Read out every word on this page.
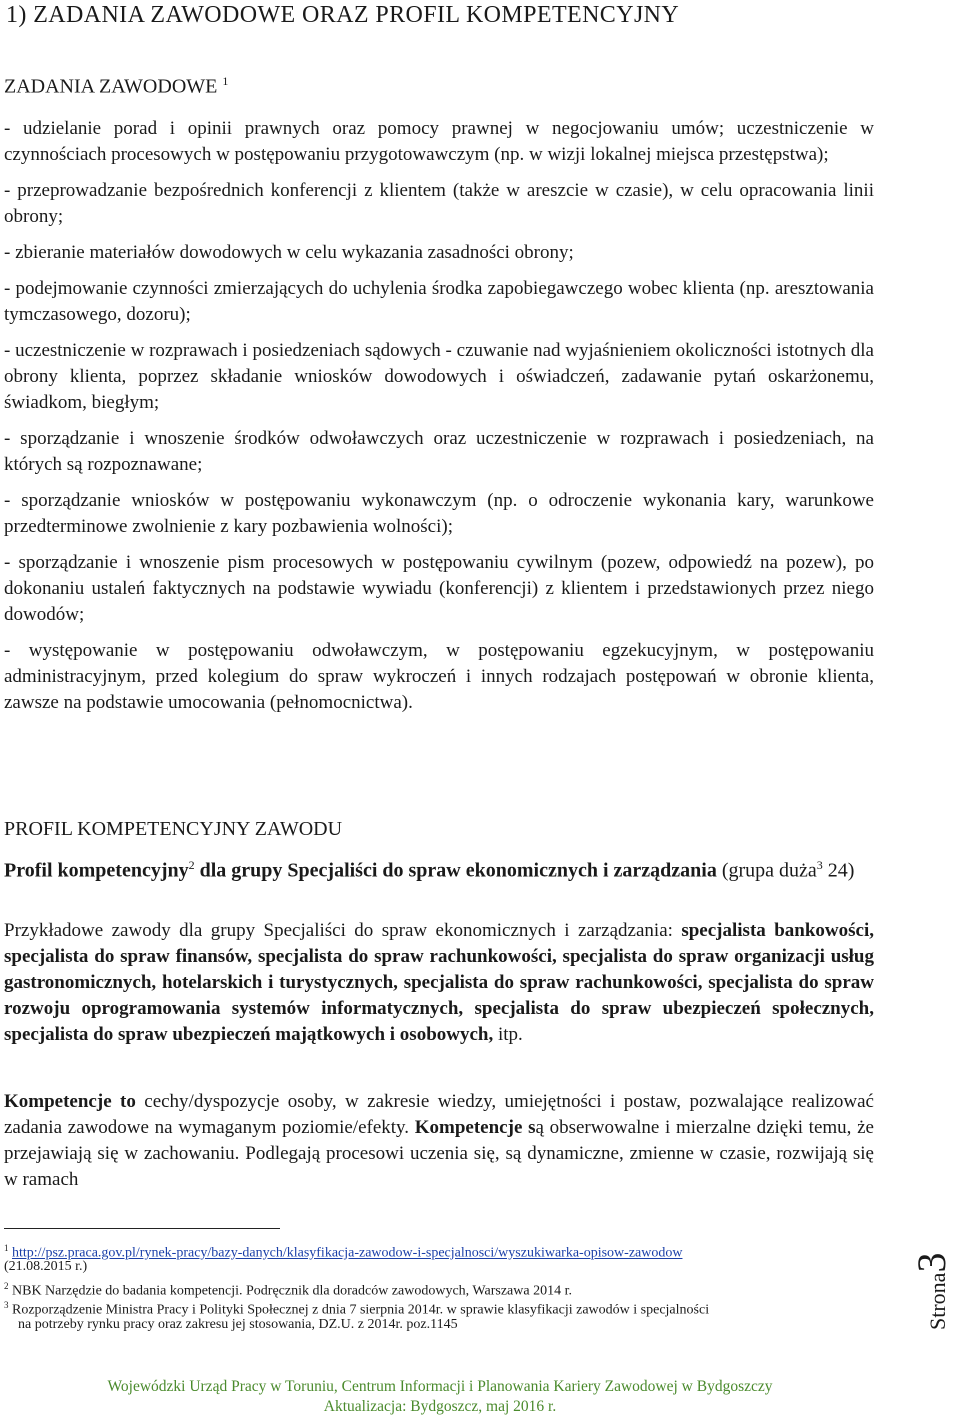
1) ZADANIA ZAWODOWE ORAZ PROFIL KOMPETENCYJNY
ZADANIA ZAWODOWE $^1$

- udzielanie porad i opinii prawnych oraz pomocy prawnej w negocjowaniu umów; uczestniczenie w czynnościach procesowych w postępowaniu przygotowawczym (np. w wizji lokalnej miejsca przestępstwa);

- przeprowadzanie bezpośrednich konferencji z klientem (także w areszcie w czasie), w celu opracowania linii obrony;

- zbieranie materiałów dowodowych w celu wykazania zasadności obrony;

- podejmowanie czynności zmierzających do uchylenia środka zapobiegawczego wobec klienta (np. aresztowania tymczasowego, dozoru);

- uczestniczenie w rozprawach i posiedzeniach sądowych - czuwanie nad wyjaśnieniem okoliczności istotnych dla obrony klienta, poprzez składanie wniosków dowodowych i oświadczeń, zadawanie pytań oskarżonemu, świadkom, biegłym;

- sporządzanie i wnoszenie środków odwoławczych oraz uczestniczenie w rozprawach i posiedzeniach, na których są rozpoznawane;

- sporządzanie wniosków w postępowaniu wykonawczym (np. o odroczenie wykonania kary, warunkowe przedterminowe zwolnienie z kary pozbawienia wolności);

- sporządzanie i wnoszenie pism procesowych w postępowaniu cywilnym (pozew, odpowiedź na pozew), po dokonaniu ustaleń faktycznych na podstawie wywiadu (konferencji) z klientem i przedstawionych przez niego dowodów;

- występowanie w postępowaniu odwoławczym, w postępowaniu egzekucyjnym, w postępowaniu administracyjnym, przed kolegium do spraw wykroczeń i innych rodzajach postępowań w obronie klienta, zawsze na podstawie umocowania (pełnomocnictwa).

PROFIL KOMPETENCYJNY ZAWODU
Profil kompetencyjny$^2$ dla grupy Specjaliści do spraw ekonomicznych i zarządzania (grupa duża$^3$ 24)
Przykładowe zawody dla grupy Specjaliści do spraw ekonomicznych i zarządzania: specjalista bankowości, specjalista do spraw finansów, specjalista do spraw rachunkowości, specjalista do spraw organizacji usług gastronomicznych, hotelarskich i turystycznych, specjalista do spraw rachunkowości, specjalista do spraw rozwoju oprogramowania systemów informatycznych, specjalista do spraw ubezpieczeń społecznych, specjalista do spraw ubezpieczeń majątkowych i osobowych, itp.
Kompetencje to cechy/dyspozycje osoby, w zakresie wiedzy, umiejętności i postaw, pozwalające realizować zadania zawodowe na wymaganym poziomie/efekty. Kompetencje są obserwowalne i mierzalne dzięki temu, że przejawiają się w zachowaniu. Podlegają procesowi uczenia się, są dynamiczne, zmienne w czasie, rozwijają się w ramach
$^1$ http://psz.praca.gov.pl/rynek-pracy/bazy-danych/klasyfikacja-zawodow-i-specjalnosci/wyszukiwarka-opisow-zawodow
(21.08.2015 r.)
$^2$ NBK Narzędzie do badania kompetencji. Podręcznik dla doradców zawodowych, Warszawa 2014 r.
$^3$ Rozporządzenie Ministra Pracy i Polityki Społecznej z dnia 7 sierpnia 2014r. w sprawie klasyfikacji zawodów i specjalności
na potrzeby rynku pracy oraz zakresu jej stosowania, DZ.U. z 2014r. poz.1145	Strona3
Wojewódzki Urząd Pracy w Toruniu, Centrum Informacji i Planowania Kariery Zawodowej w Bydgoszczy
Aktualizacja: Bydgoszcz, maj 2016 r.
